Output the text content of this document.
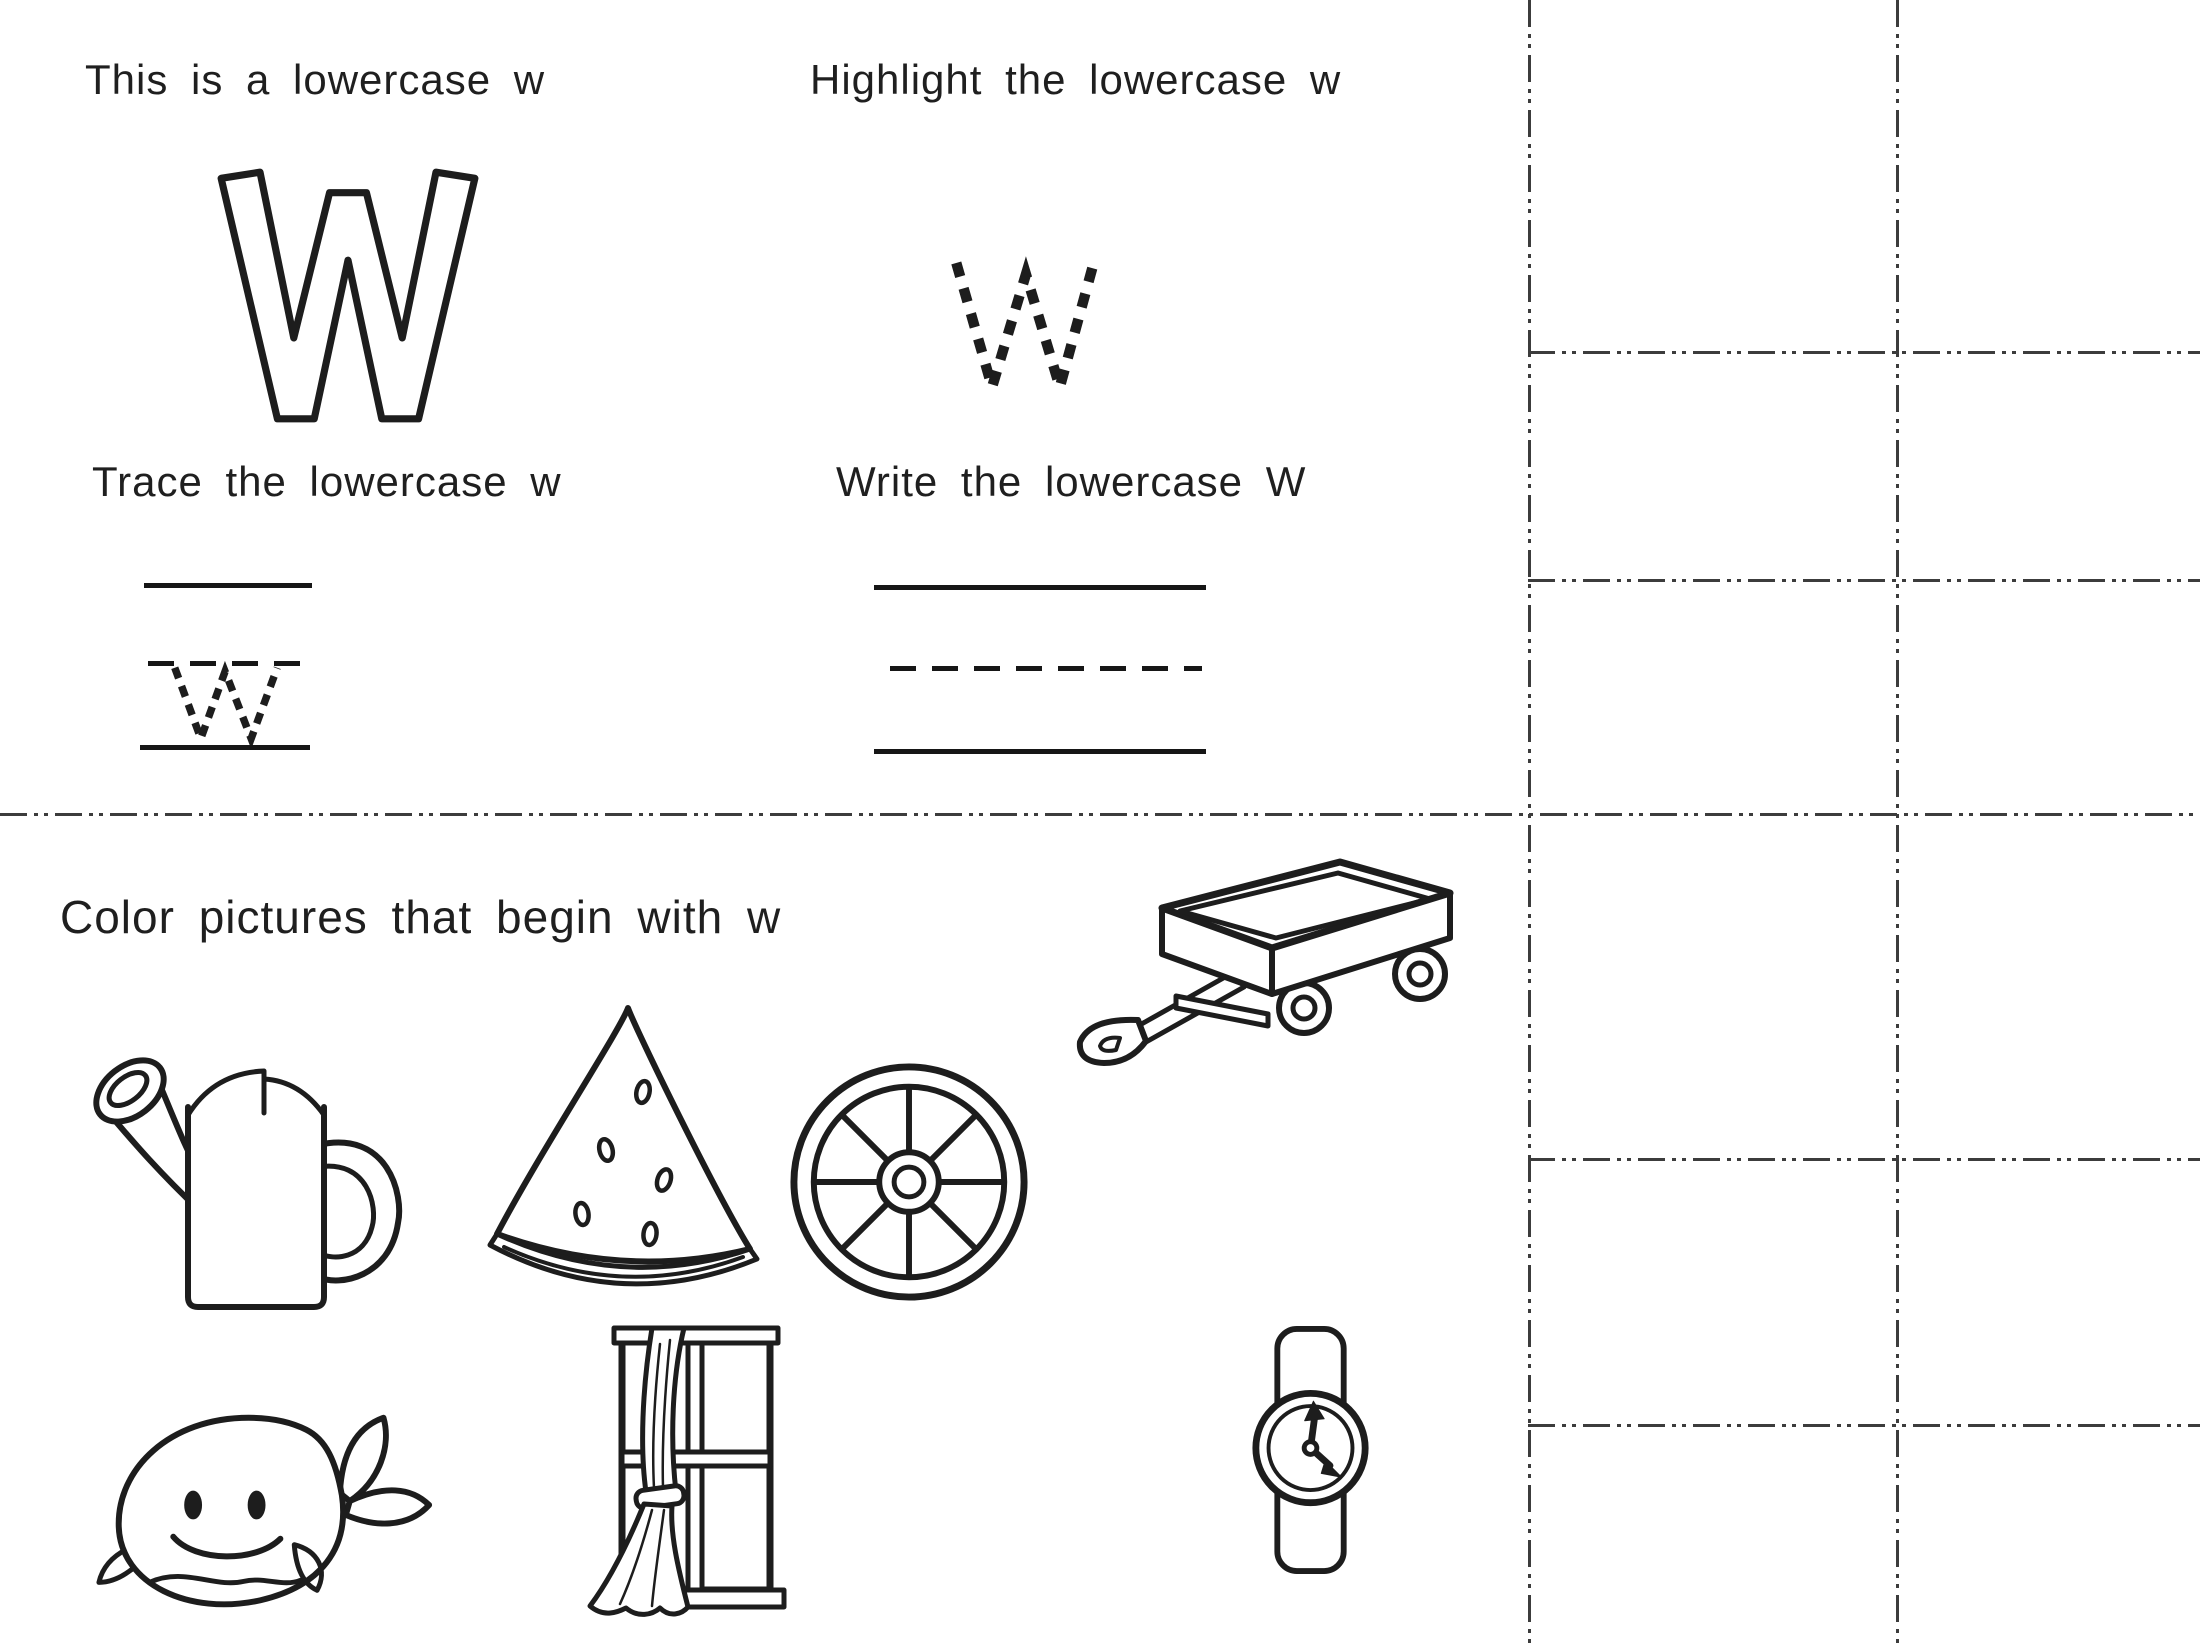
This is a lowercase w	Highlight the lowercase w
Trace the lowercase w	Write the lowercase W
Color pictures that begin with w
